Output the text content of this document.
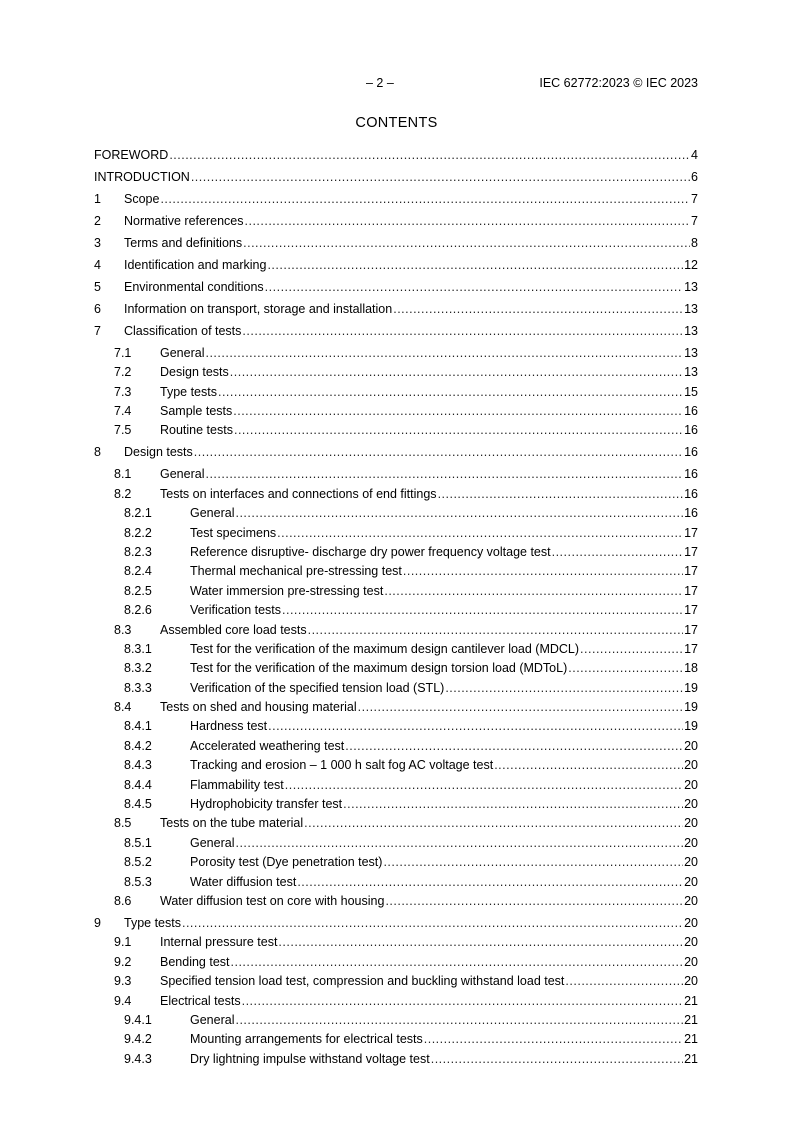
– 2 –	IEC 62772:2023 © IEC 2023
CONTENTS
FOREWORD .....	4
INTRODUCTION .....	6
1 Scope .....	7
2 Normative references .....	7
3 Terms and definitions .....	8
4 Identification and marking .....	12
5 Environmental conditions .....	13
6 Information on transport, storage and installation .....	13
7 Classification of tests .....	13
7.1 General .....	13
7.2 Design tests .....	13
7.3 Type tests .....	15
7.4 Sample tests .....	16
7.5 Routine tests .....	16
8 Design tests .....	16
8.1 General .....	16
8.2 Tests on interfaces and connections of end fittings .....	16
8.2.1	General .....	16
8.2.2	Test specimens .....	17
8.2.3	Reference disruptive- discharge dry power frequency voltage test .....	17
8.2.4	Thermal mechanical pre-stressing test .....	17
8.2.5	Water immersion pre-stressing test .....	17
8.2.6	Verification tests .....	17
8.3 Assembled core load tests .....	17
8.3.1	Test for the verification of the maximum design cantilever load (MDCL) .....	17
8.3.2	Test for the verification of the maximum design torsion load (MDToL) .....	18
8.3.3	Verification of the specified tension load (STL) .....	19
8.4 Tests on shed and housing material .....	19
8.4.1	Hardness test .....	19
8.4.2	Accelerated weathering test .....	20
8.4.3	Tracking and erosion – 1 000 h salt fog AC voltage test .....	20
8.4.4	Flammability test .....	20
8.4.5	Hydrophobicity transfer test .....	20
8.5 Tests on the tube material .....	20
8.5.1	General .....	20
8.5.2	Porosity test (Dye penetration test) .....	20
8.5.3	Water diffusion test .....	20
8.6 Water diffusion test on core with housing .....	20
9 Type tests .....	20
9.1 Internal pressure test .....	20
9.2 Bending test .....	20
9.3 Specified tension load test, compression and buckling withstand load test .....	20
9.4 Electrical tests .....	21
9.4.1	General .....	21
9.4.2	Mounting arrangements for electrical tests .....	21
9.4.3	Dry lightning impulse withstand voltage test .....	21
